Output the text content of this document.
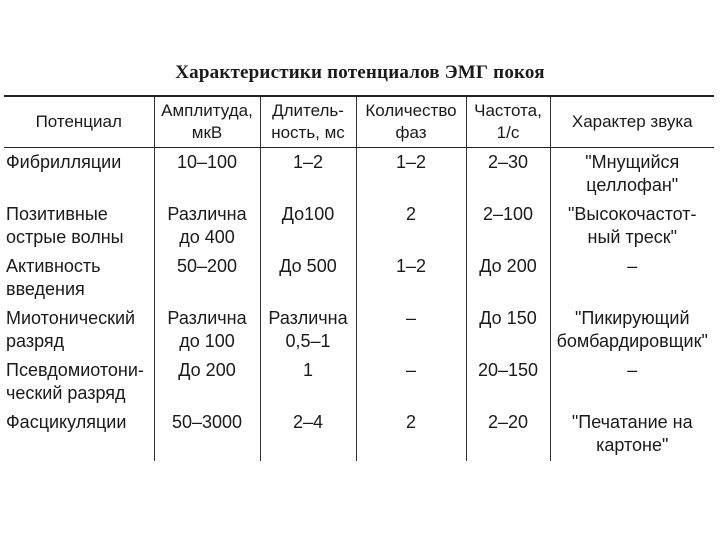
Характеристики потенциалов ЭМГ покоя
Потенциал	Амплитуда, мкВ	Длитель-ность, мс	Количество фаз	Частота, 1/с	Характер звука
Фибрилляции	10–100	1–2	1–2	2–30	"Мнущийся целлофан"
Позитивные острые волны	Различна до 400	До100	2	2–100	"Высокочастот-ный треск"
Активность введения	50–200	До 500	1–2	До 200	–
Миотонический разряд	Различна до 100	Различна 0,5–1	–	До 150	"Пикирующий бомбардировщик"
Псевдомиотони-ческий разряд	До 200	1	–	20–150	–
Фасцикуляции	50–3000	2–4	2	2–20	"Печатание на картоне"
